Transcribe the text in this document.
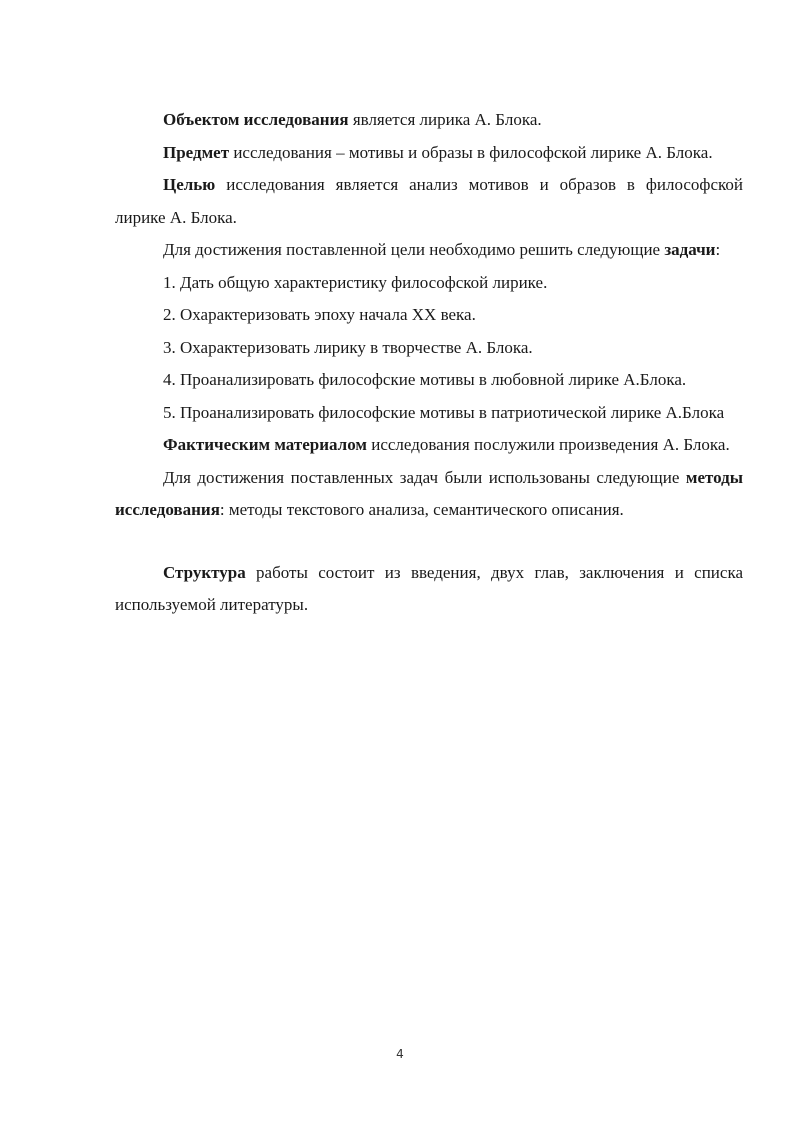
Объектом исследования является лирика А. Блока.

Предмет исследования – мотивы и образы в философской лирике А. Блока.

Целью исследования является анализ мотивов и образов в философской лирике А. Блока.

Для достижения поставленной цели необходимо решить следующие задачи:

1. Дать общую характеристику философской лирике.

2. Охарактеризовать эпоху начала XX века.

3. Охарактеризовать лирику в творчестве А. Блока.

4. Проанализировать философские мотивы в любовной лирике А.Блока.

5. Проанализировать философские мотивы в патриотической лирике А.Блока

Фактическим материалом исследования послужили произведения А. Блока.

Для достижения поставленных задач были использованы следующие методы исследования: методы текстового анализа, семантического описания.

Структура работы состоит из введения, двух глав, заключения и списка используемой литературы.

4
